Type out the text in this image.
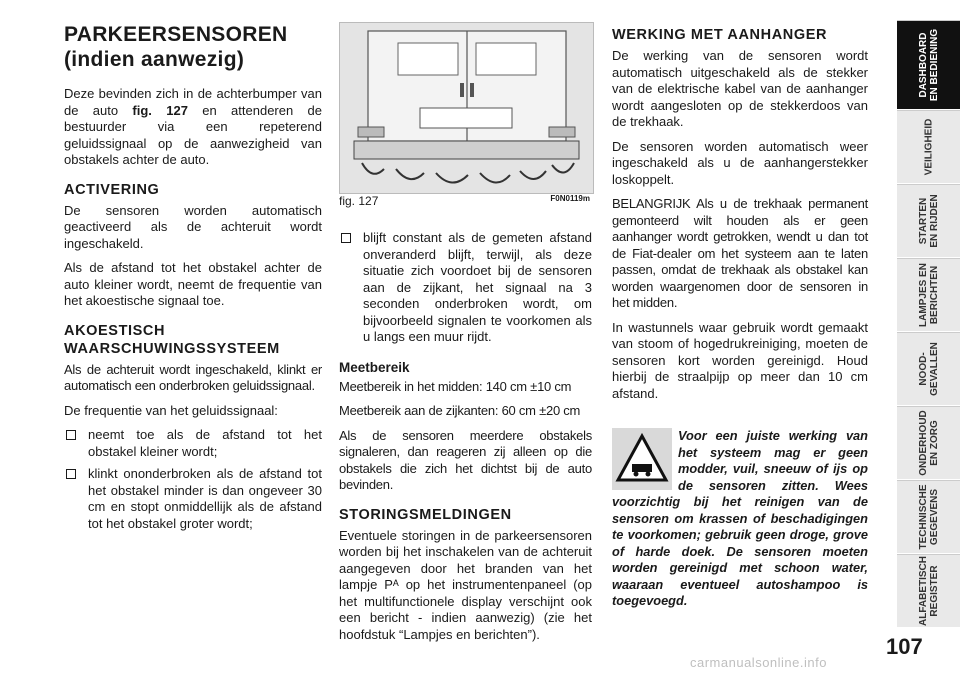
PARKEERSENSOREN
(indien aanwezig)

Deze bevinden zich in de achterbumper van de auto fig. 127 en attenderen de bestuurder via een repeterend geluidssignaal op de aanwezigheid van obstakels achter de auto.

ACTIVERING

De sensoren worden automatisch geactiveerd als de achteruit wordt ingeschakeld.

Als de afstand tot het obstakel achter de auto kleiner wordt, neemt de frequentie van het akoestische signaal toe.

AKOESTISCH
WAARSCHUWINGSSYSTEEM

Als de achteruit wordt ingeschakeld, klinkt er automatisch een onderbroken geluidssignaal.

De frequentie van het geluidssignaal:

neemt toe als de afstand tot het obstakel kleiner wordt;
klinkt ononderbroken als de afstand tot het obstakel minder is dan ongeveer 30 cm en stopt onmiddellijk als de afstand tot het obstakel groter wordt;
fig. 127	F0N0119m
blijft constant als de gemeten afstand onveranderd blijft, terwijl, als deze situatie zich voordoet bij de sensoren aan de zijkant, het signaal na 3 seconden onderbroken wordt, om bijvoorbeeld signalen te voorkomen als u langs een muur rijdt.
Meetbereik

Meetbereik in het midden: 140 cm ±10 cm

Meetbereik aan de zijkanten: 60 cm ±20 cm

Als de sensoren meerdere obstakels signaleren, dan reageren zij alleen op die obstakels die zich het dichtst bij de auto bevinden.

STORINGSMELDINGEN

Eventuele storingen in de parkeersensoren worden bij het inschakelen van de achteruit aangegeven door het branden van het lampje Pᴬ op het instrumentenpaneel (op het multifunctionele display verschijnt ook een bericht - indien aanwezig) (zie het hoofdstuk “Lampjes en berichten”).

WERKING MET AANHANGER

De werking van de sensoren wordt automatisch uitgeschakeld als de stekker van de elektrische kabel van de aanhanger wordt aangesloten op de stekkerdoos van de trekhaak.

De sensoren worden automatisch weer ingeschakeld als u de aanhangerstekker loskoppelt.

BELANGRIJK Als u de trekhaak permanent gemonteerd wilt houden als er geen aanhanger wordt getrokken, wendt u dan tot de Fiat-dealer om het systeem aan te laten passen, omdat de trekhaak als obstakel kan worden waargenomen door de sensoren in het midden.

In wastunnels waar gebruik wordt gemaakt van stoom of hogedrukreiniging, moeten de sensoren kort worden gereinigd. Houd hierbij de straalpijp op meer dan 10 cm afstand.

Voor een juiste werking van het systeem mag er geen modder, vuil, sneeuw of ijs op de sensoren zitten. Wees voorzichtig bij het reinigen van de sensoren om krassen of beschadigingen te voorkomen; gebruik geen droge, grove of harde doek. De sensoren moeten worden gereinigd met schoon water, waaraan eventueel autoshampoo is toegevoegd.

DASHBOARD
EN BEDIENING
VEILIGHEID
STARTEN
EN RIJDEN
LAMPJES EN
BERICHTEN
NOOD-
GEVALLEN
ONDERHOUD
EN ZORG
TECHNISCHE
GEGEVENS
ALFABETISCH
REGISTER
107
carmanualsonline.info
